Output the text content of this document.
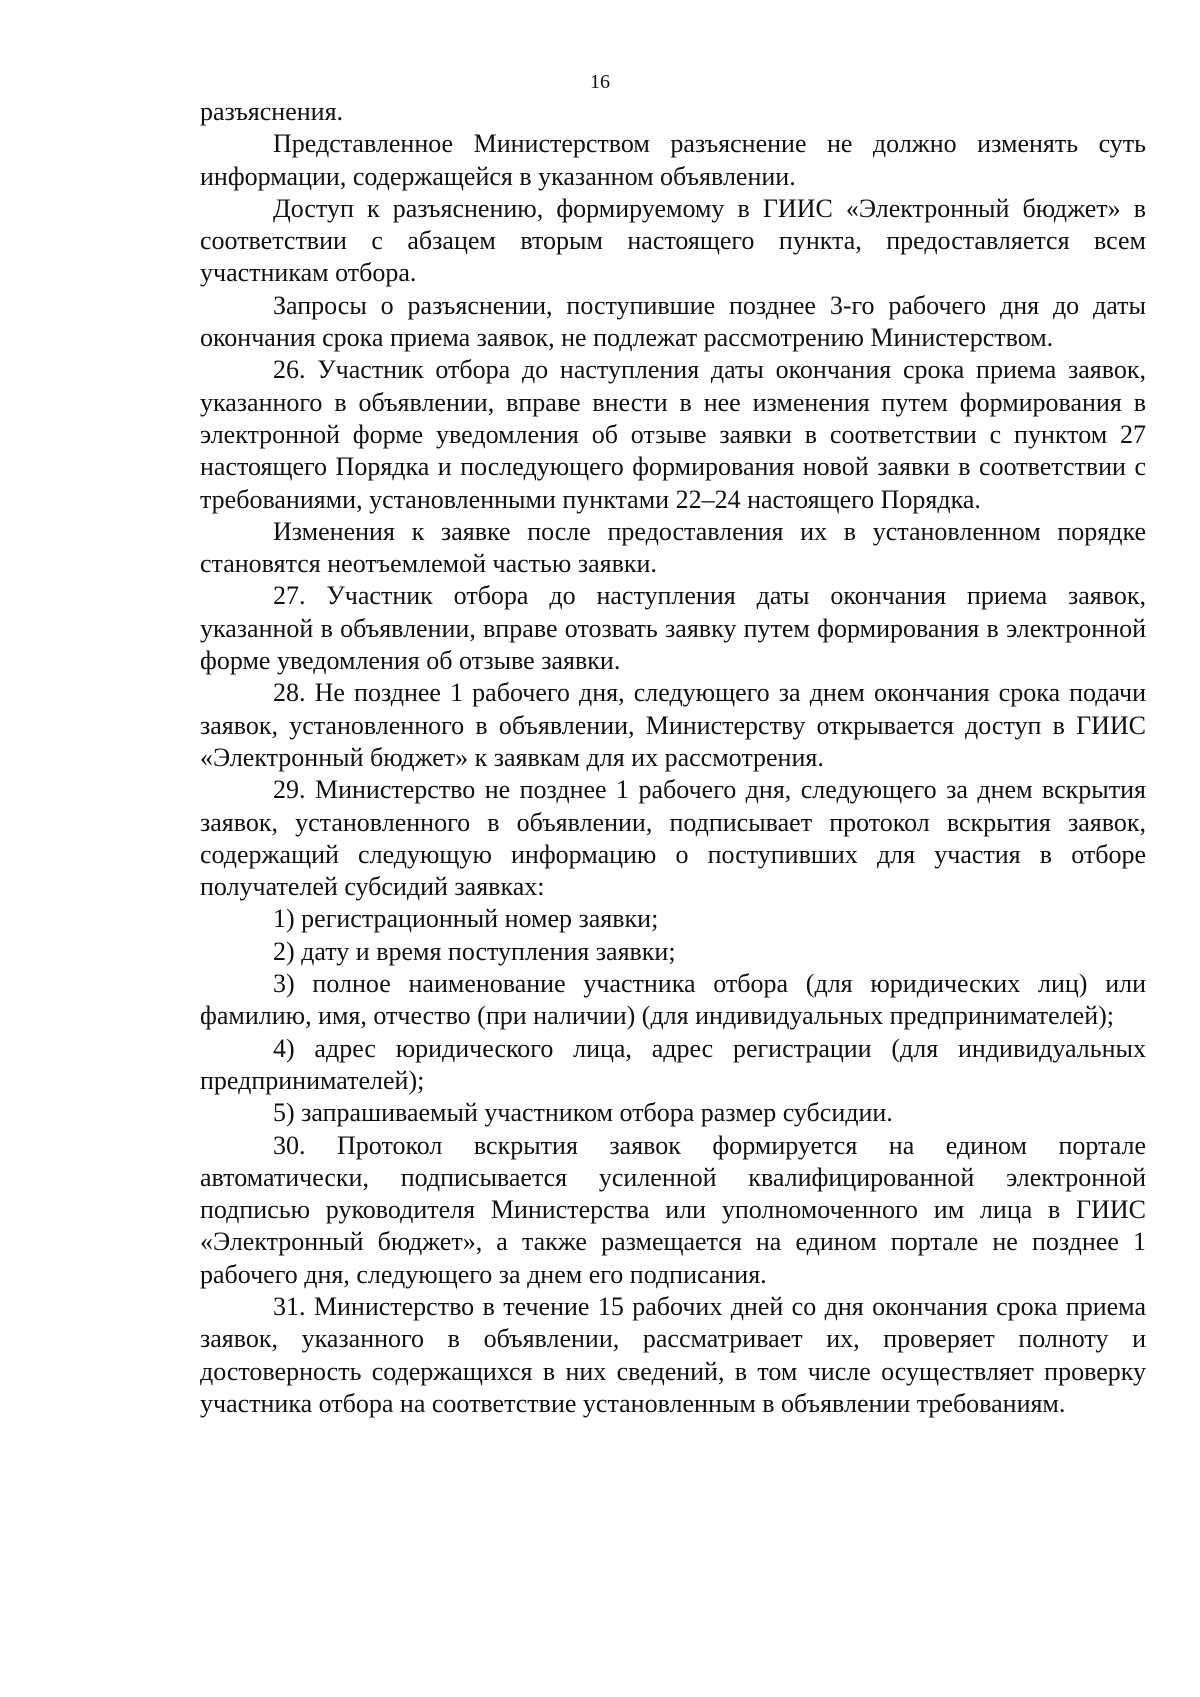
16

разъяснения.

Представленное Министерством разъяснение не должно изменять суть информации, содержащейся в указанном объявлении.

Доступ к разъяснению, формируемому в ГИИС «Электронный бюджет» в соответствии с абзацем вторым настоящего пункта, предоставляется всем участникам отбора.

Запросы о разъяснении, поступившие позднее 3-го рабочего дня до даты окончания срока приема заявок, не подлежат рассмотрению Министерством.

26. Участник отбора до наступления даты окончания срока приема заявок, указанного в объявлении, вправе внести в нее изменения путем формирования в электронной форме уведомления об отзыве заявки в соответствии с пунктом 27 настоящего Порядка и последующего формирования новой заявки в соответствии с требованиями, установленными пунктами 22–24 настоящего Порядка.

Изменения к заявке после предоставления их в установленном порядке становятся неотъемлемой частью заявки.

27. Участник отбора до наступления даты окончания приема заявок, указанной в объявлении, вправе отозвать заявку путем формирования в электронной форме уведомления об отзыве заявки.

28. Не позднее 1 рабочего дня, следующего за днем окончания срока подачи заявок, установленного в объявлении, Министерству открывается доступ в ГИИС «Электронный бюджет» к заявкам для их рассмотрения.

29. Министерство не позднее 1 рабочего дня, следующего за днем вскрытия заявок, установленного в объявлении, подписывает протокол вскрытия заявок, содержащий следующую информацию о поступивших для участия в отборе получателей субсидий заявках:

1) регистрационный номер заявки;

2) дату и время поступления заявки;

3) полное наименование участника отбора (для юридических лиц) или фамилию, имя, отчество (при наличии) (для индивидуальных предпринимателей);

4) адрес юридического лица, адрес регистрации (для индивидуальных предпринимателей);

5) запрашиваемый участником отбора размер субсидии.

30. Протокол вскрытия заявок формируется на едином портале автоматически, подписывается усиленной квалифицированной электронной подписью руководителя Министерства или уполномоченного им лица в ГИИС «Электронный бюджет», а также размещается на едином портале не позднее 1 рабочего дня, следующего за днем его подписания.

31. Министерство в течение 15 рабочих дней со дня окончания срока приема заявок, указанного в объявлении, рассматривает их, проверяет полноту и достоверность содержащихся в них сведений, в том числе осуществляет проверку участника отбора на соответствие установленным в объявлении требованиям.
